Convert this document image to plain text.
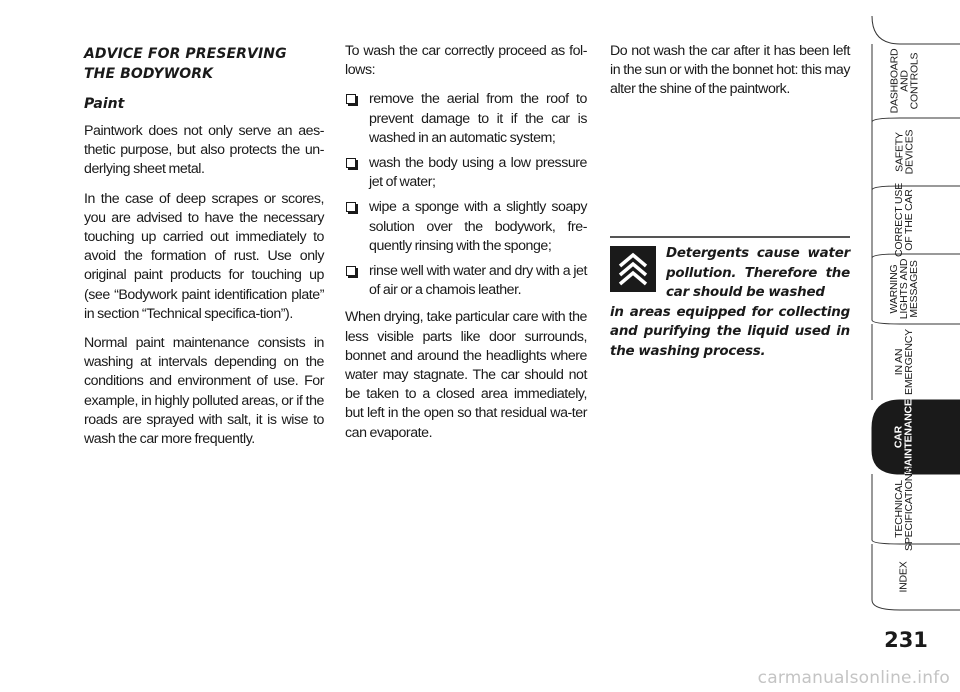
ADVICE FOR PRESERVING
THE BODYWORK
Paint

Paintwork does not only serve an aes-thetic purpose, but also protects the un-derlying sheet metal.

In the case of deep scrapes or scores, you are advised to have the necessary touching up carried out immediately to avoid the formation of rust. Use only original paint products for touching up (see “Bodywork paint identification plate” in section “Technical specifica-tion”).

Normal paint maintenance consists in washing at intervals depending on the conditions and environment of use. For example, in highly polluted areas, or if the roads are sprayed with salt, it is wise to wash the car more frequently.

To wash the car correctly proceed as fol-lows:

remove the aerial from the roof to prevent damage to it if the car is washed in an automatic system;
wash the body using a low pressure jet of water;
wipe a sponge with a slightly soapy solution over the bodywork, fre-quently rinsing with the sponge;
rinse well with water and dry with a jet of air or a chamois leather.

When drying, take particular care with the less visible parts like door surrounds, bonnet and around the headlights where water may stagnate. The car should not be taken to a closed area immediately, but left in the open so that residual wa-ter can evaporate.

Do not wash the car after it has been left in the sun or with the bonnet hot: this may alter the shine of the paintwork.

Detergents cause water pollution. Therefore the car should be washed
in areas equipped for collecting and purifying the liquid used in the washing process.

DASHBOARD
AND
CONTROLS
SAFETY
DEVICES
CORRECT USE
OF THE CAR
WARNING
LIGHTS AND
MESSAGES
IN AN
EMERGENCY
CAR
MAINTENANCE
TECHNICAL
SPECIFICATIONS
INDEX
231
carmanualsonline.info
